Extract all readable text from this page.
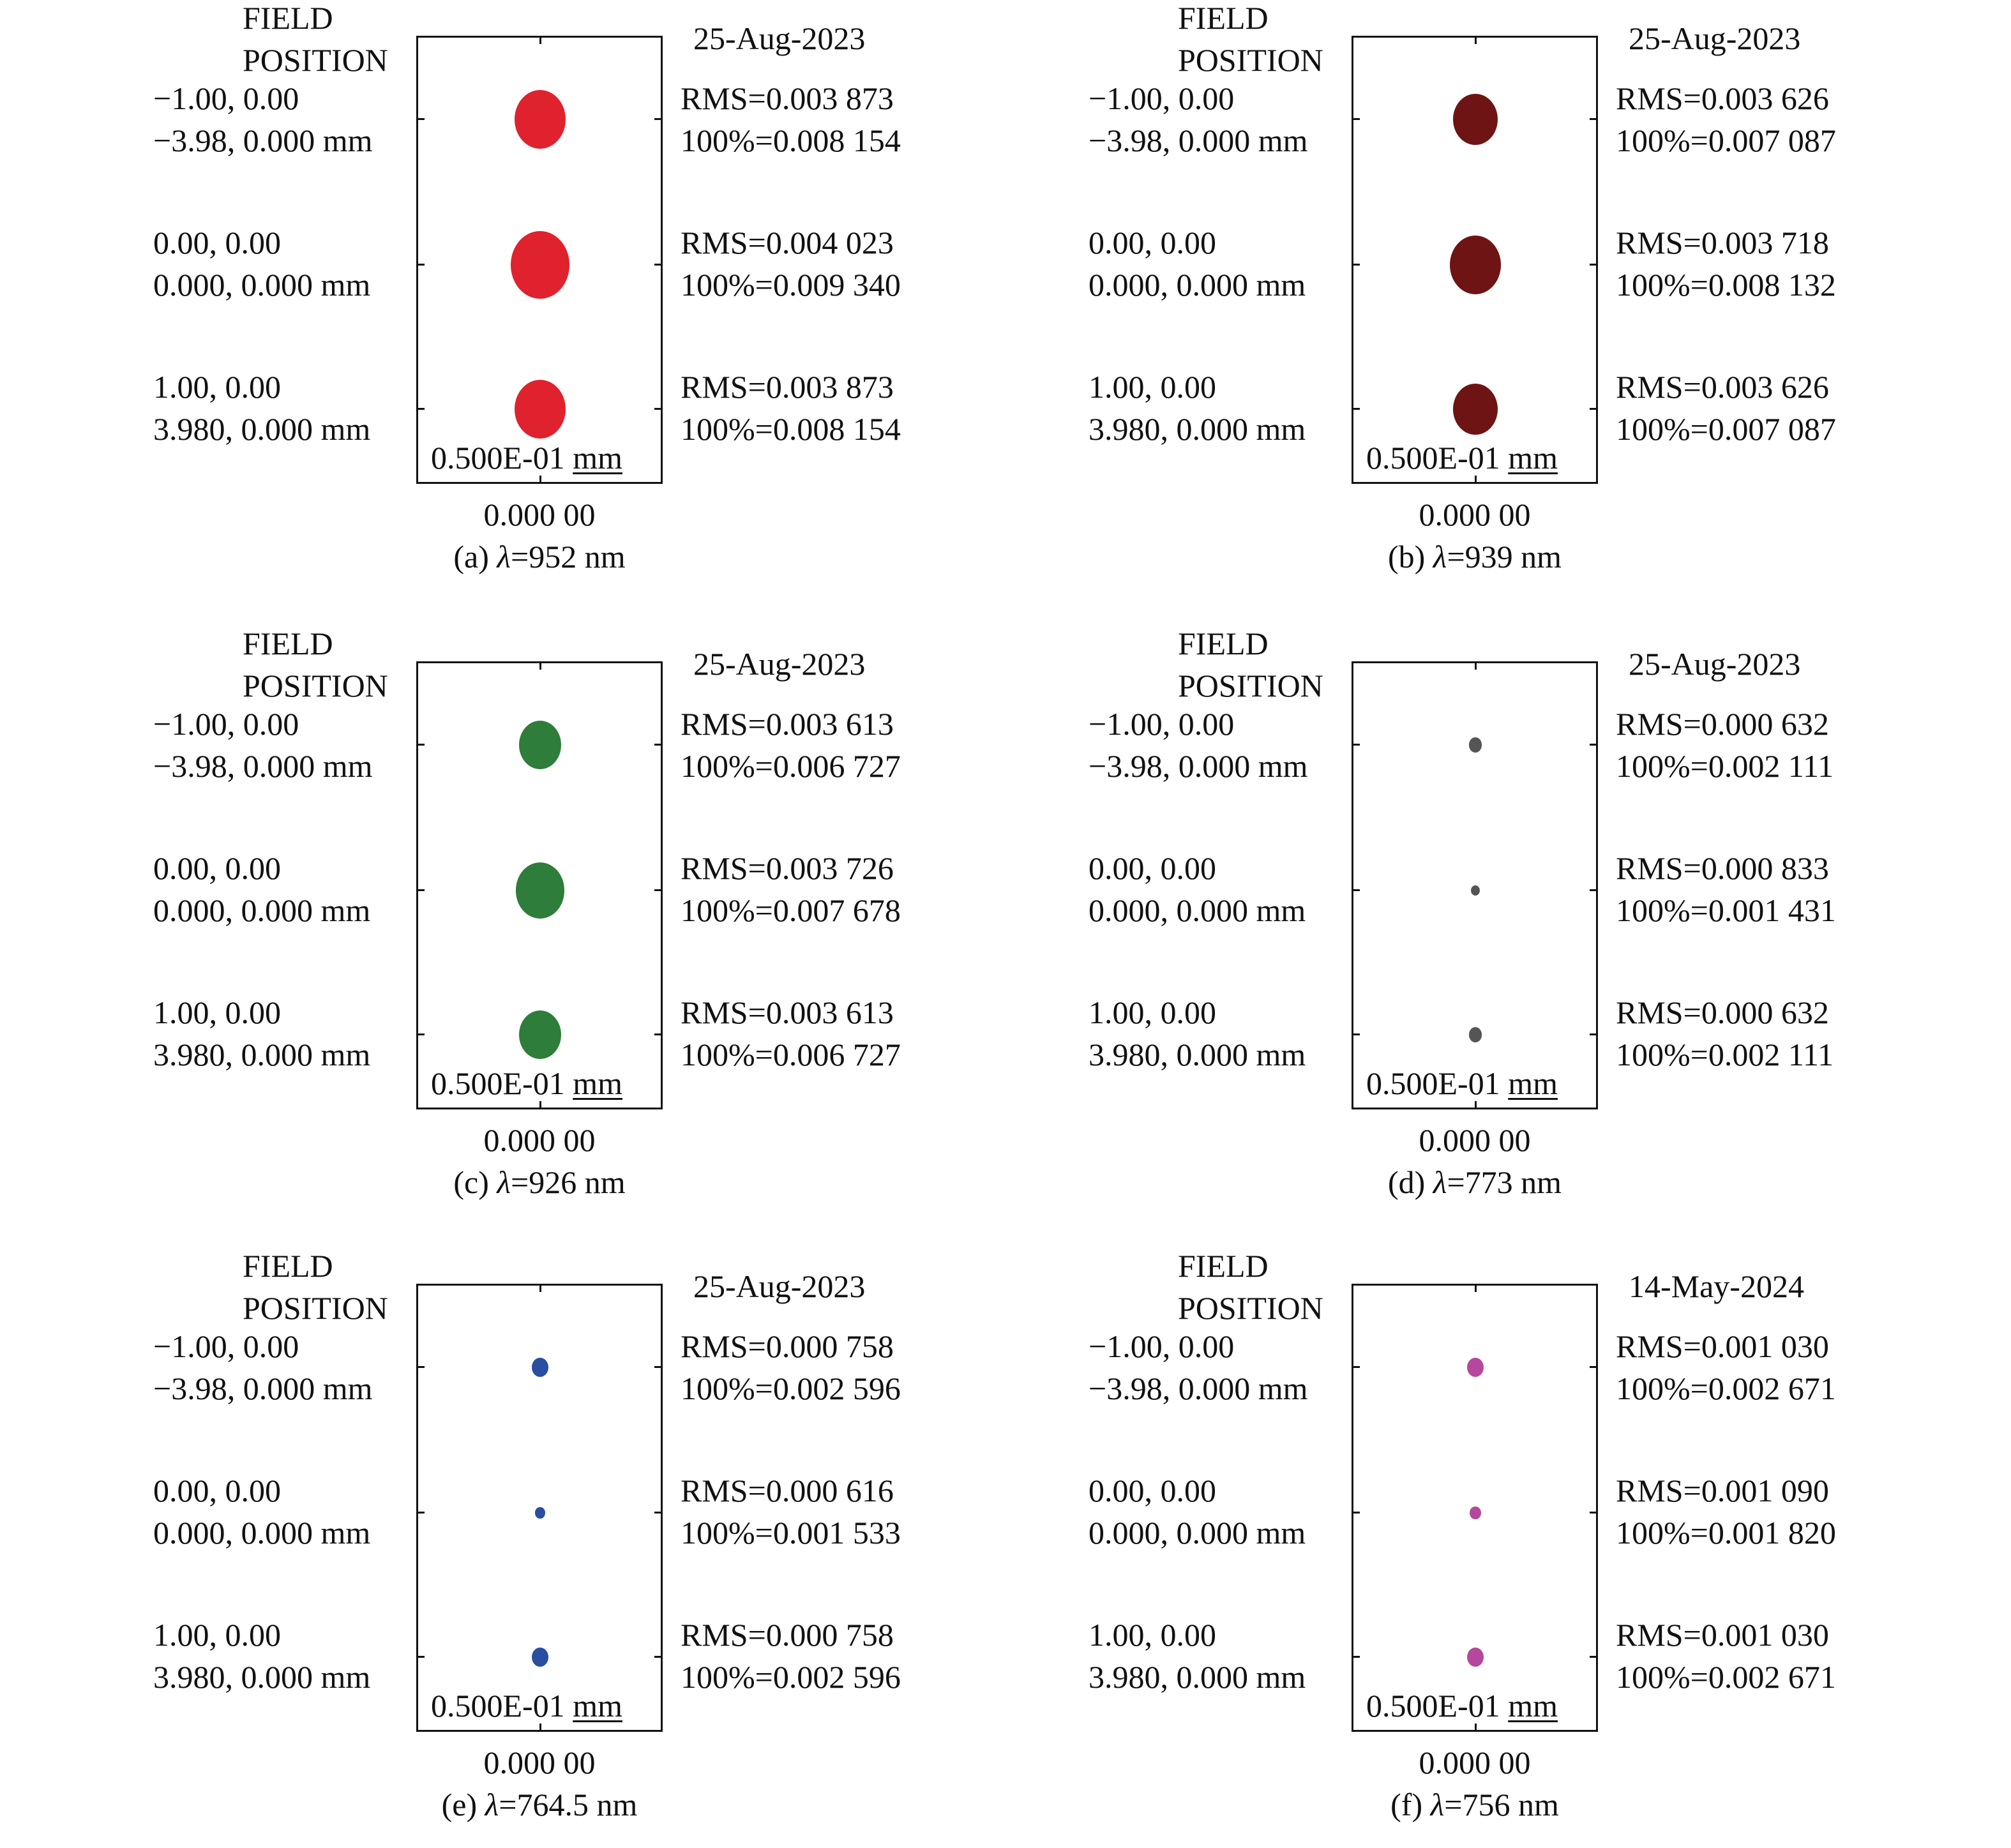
FIELD
POSITION
25-Aug-2023
0.500E-01 mm
−1.00, 0.00
−3.98, 0.000 mm
RMS=0.003 873
100%=0.008 154
0.00, 0.00
0.000, 0.000 mm
RMS=0.004 023
100%=0.009 340
1.00, 0.00
3.980, 0.000 mm
RMS=0.003 873
100%=0.008 154
0.000 00
(a) λ=952 nm
FIELD
POSITION
25-Aug-2023
0.500E-01 mm
−1.00, 0.00
−3.98, 0.000 mm
RMS=0.003 626
100%=0.007 087
0.00, 0.00
0.000, 0.000 mm
RMS=0.003 718
100%=0.008 132
1.00, 0.00
3.980, 0.000 mm
RMS=0.003 626
100%=0.007 087
0.000 00
(b) λ=939 nm
FIELD
POSITION
25-Aug-2023
0.500E-01 mm
−1.00, 0.00
−3.98, 0.000 mm
RMS=0.003 613
100%=0.006 727
0.00, 0.00
0.000, 0.000 mm
RMS=0.003 726
100%=0.007 678
1.00, 0.00
3.980, 0.000 mm
RMS=0.003 613
100%=0.006 727
0.000 00
(c) λ=926 nm
FIELD
POSITION
25-Aug-2023
0.500E-01 mm
−1.00, 0.00
−3.98, 0.000 mm
RMS=0.000 632
100%=0.002 111
0.00, 0.00
0.000, 0.000 mm
RMS=0.000 833
100%=0.001 431
1.00, 0.00
3.980, 0.000 mm
RMS=0.000 632
100%=0.002 111
0.000 00
(d) λ=773 nm
FIELD
POSITION
25-Aug-2023
0.500E-01 mm
−1.00, 0.00
−3.98, 0.000 mm
RMS=0.000 758
100%=0.002 596
0.00, 0.00
0.000, 0.000 mm
RMS=0.000 616
100%=0.001 533
1.00, 0.00
3.980, 0.000 mm
RMS=0.000 758
100%=0.002 596
0.000 00
(e) λ=764.5 nm
FIELD
POSITION
14-May-2024
0.500E-01 mm
−1.00, 0.00
−3.98, 0.000 mm
RMS=0.001 030
100%=0.002 671
0.00, 0.00
0.000, 0.000 mm
RMS=0.001 090
100%=0.001 820
1.00, 0.00
3.980, 0.000 mm
RMS=0.001 030
100%=0.002 671
0.000 00
(f) λ=756 nm
